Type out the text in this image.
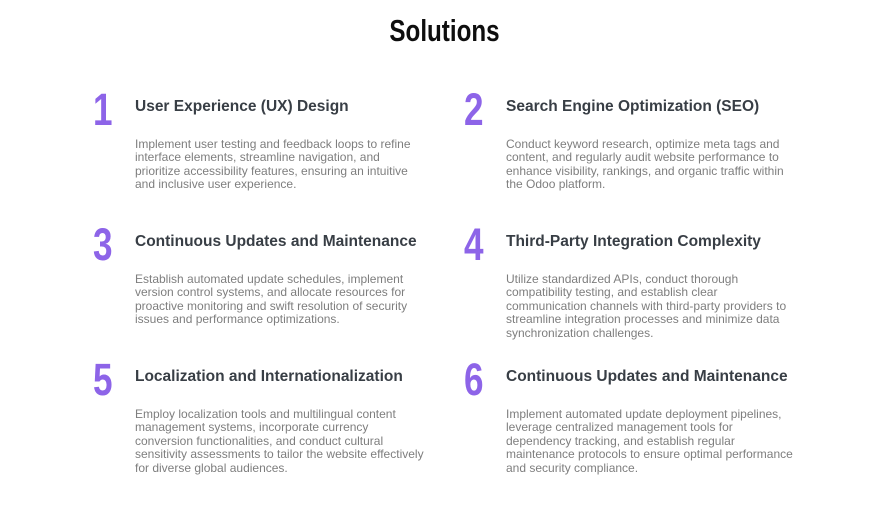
Solutions
1	User Experience (UX) Design

Implement user testing and feedback loops to refine interface elements, streamline navigation, and prioritize accessibility features, ensuring an intuitive and inclusive user experience.

2	Search Engine Optimization (SEO)

Conduct keyword research, optimize meta tags and content, and regularly audit website performance to enhance visibility, rankings, and organic traffic within the Odoo platform.

3	Continuous Updates and Maintenance

Establish automated update schedules, implement version control systems, and allocate resources for proactive monitoring and swift resolution of security issues and performance optimizations.

4	Third-Party Integration Complexity

Utilize standardized APIs, conduct thorough compatibility testing, and establish clear communication channels with third-party providers to streamline integration processes and minimize data synchronization challenges.

5	Localization and Internationalization

Employ localization tools and multilingual content management systems, incorporate currency conversion functionalities, and conduct cultural sensitivity assessments to tailor the website effectively for diverse global audiences.

6	Continuous Updates and Maintenance

Implement automated update deployment pipelines, leverage centralized management tools for dependency tracking, and establish regular maintenance protocols to ensure optimal performance and security compliance.
